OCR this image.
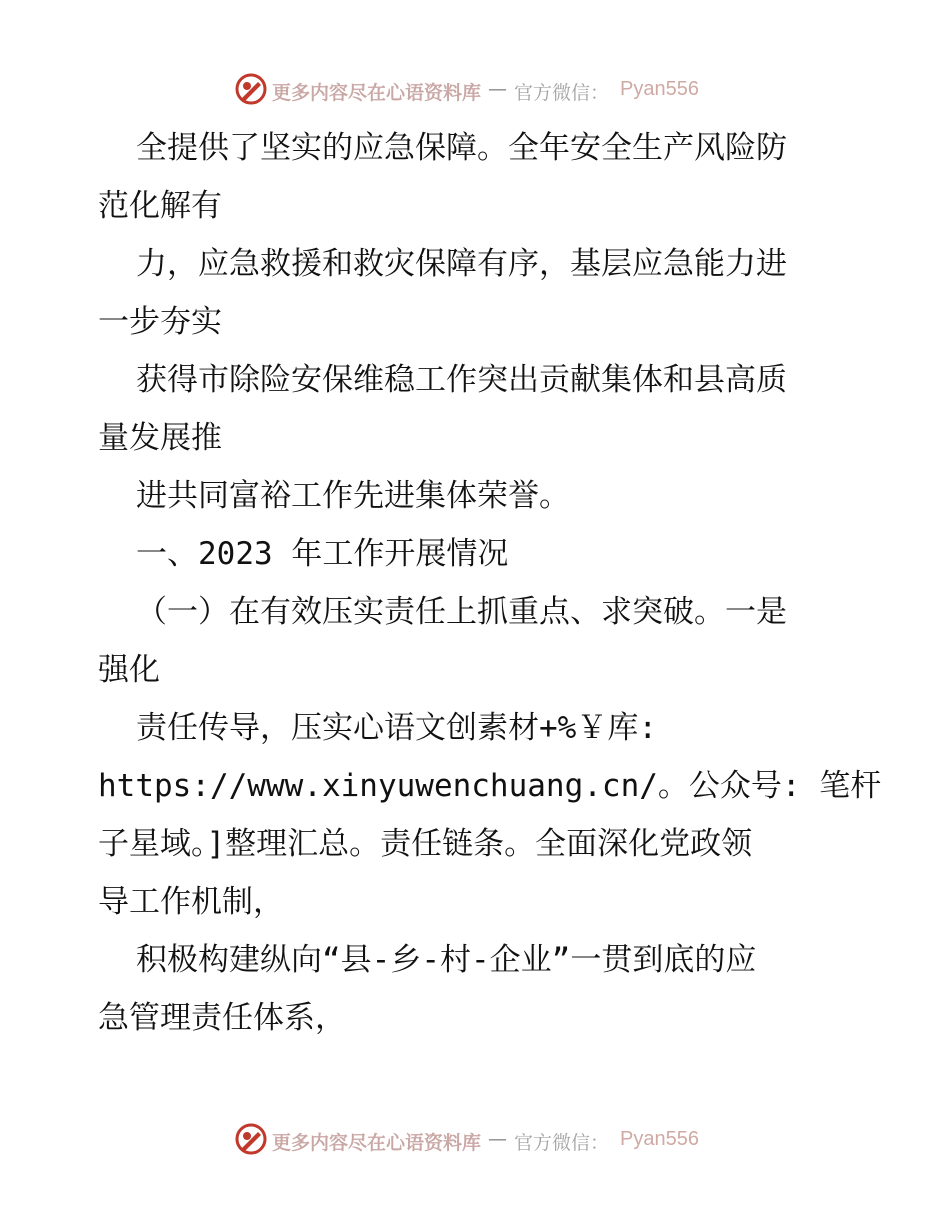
更多内容尽在心语资料库 — 官方微信： Pyan556
全提供了坚实的应急保障。全年安全生产风险防
范化解有
力，应急救援和救灾保障有序，基层应急能力进
一步夯实
获得市除险安保维稳工作突出贡献集体和县高质
量发展推
进共同富裕工作先进集体荣誉。
一、2023 年工作开展情况
（一）在有效压实责任上抓重点、求突破。一是
强化
责任传导，压实心语文创素材+%￥库:
https://www.xinyuwenchuang.cn/。公众号: 笔杆
子星域。]整理汇总。责任链条。全面深化党政领
导工作机制，
积极构建纵向“县-乡-村-企业”一贯到底的应
急管理责任体系，
更多内容尽在心语资料库 — 官方微信： Pyan556
